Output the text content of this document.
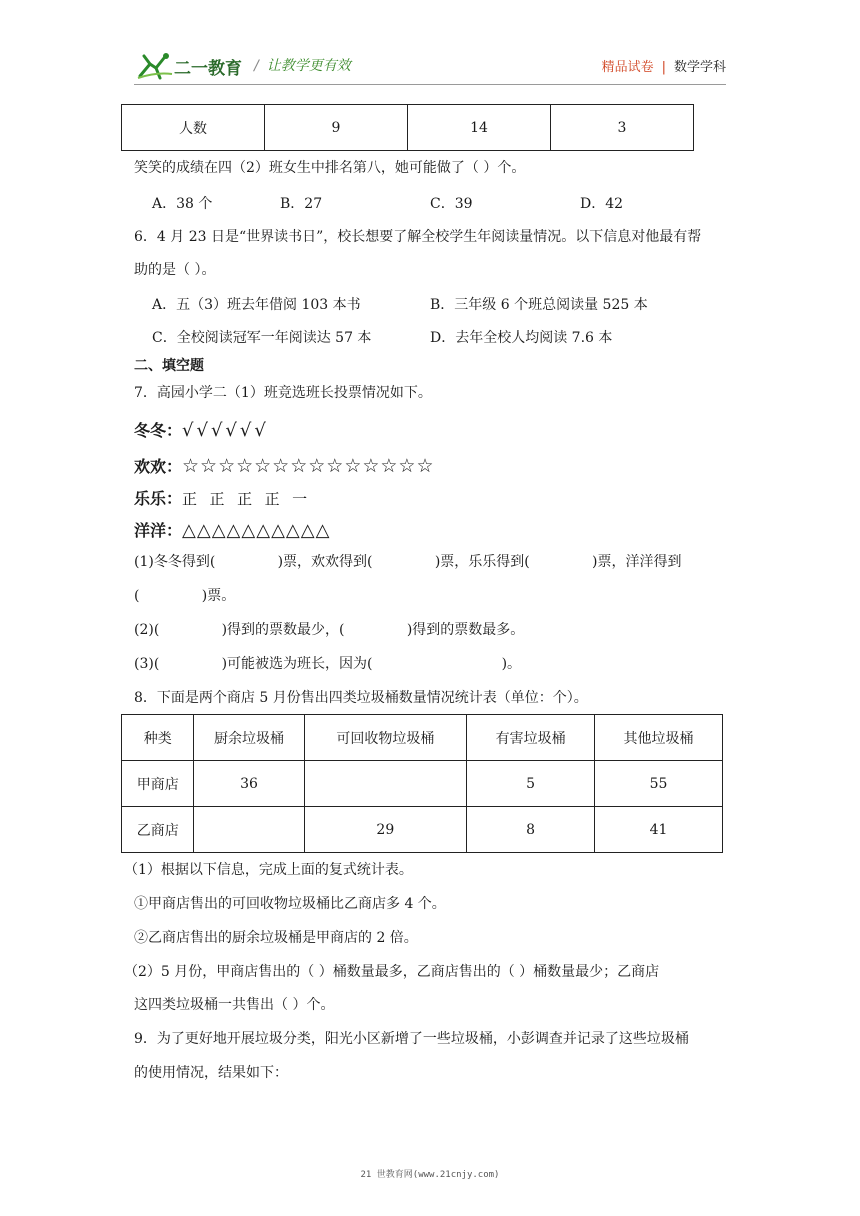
二一教育 / 让教学更有效	精品试卷 | 数学学科
人数	9	14	3
笑笑的成绩在四（2）班女生中排名第八，她可能做了（ ）个。
A．38 个	B．27	C．39	D．42
6．4 月 23 日是“世界读书日”，校长想要了解全校学生年阅读量情况。以下信息对他最有帮
助的是（ ）。
A．五（3）班去年借阅 103 本书	B．三年级 6 个班总阅读量 525 本
C．全校阅读冠军一年阅读达 57 本	D．去年全校人均阅读 7.6 本
二、填空题
7．高园小学二（1）班竞选班长投票情况如下。
冬冬：√√√√√√
欢欢：☆☆☆☆☆☆☆☆☆☆☆☆☆☆
乐乐：正  正  正  正  一
洋洋：△△△△△△△△△△
(1)冬冬得到(              )票，欢欢得到(              )票，乐乐得到(              )票，洋洋得到
(              )票。
(2)(              )得到的票数最少，(              )得到的票数最多。
(3)(              )可能被选为班长，因为(                             )。
8．下面是两个商店 5 月份售出四类垃圾桶数量情况统计表（单位：个）。
种类	厨余垃圾桶	可回收物垃圾桶	有害垃圾桶	其他垃圾桶
甲商店	36		5	55
乙商店		29	8	41
（1）根据以下信息，完成上面的复式统计表。
①甲商店售出的可回收物垃圾桶比乙商店多 4 个。
②乙商店售出的厨余垃圾桶是甲商店的 2 倍。
（2）5 月份，甲商店售出的（ ）桶数量最多，乙商店售出的（ ）桶数量最少；乙商店
这四类垃圾桶一共售出（ ）个。
9．为了更好地开展垃圾分类，阳光小区新增了一些垃圾桶，小彭调查并记录了这些垃圾桶
的使用情况，结果如下：
21 世教育网(www.21cnjy.com)
